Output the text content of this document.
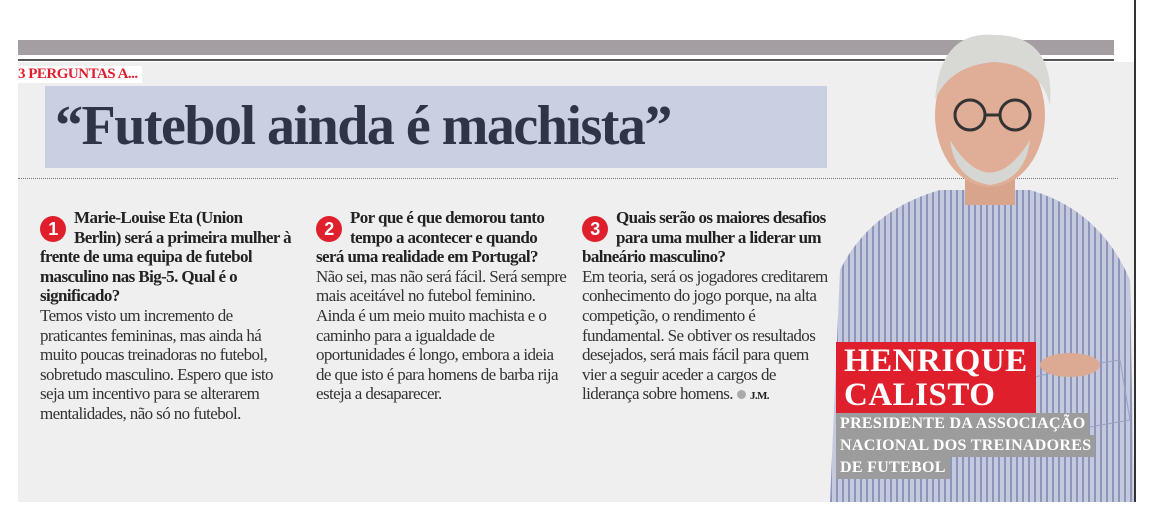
3 PERGUNTAS A...
“Futebol ainda é machista”
1
Marie-Louise Eta (Union Berlin) será a primeira mulher à frente de uma equipa de futebol masculino nas Big-5. Qual é o significado?
Temos visto um incremento de praticantes femininas, mas ainda há muito poucas treinadoras no futebol, sobretudo masculino. Espero que isto seja um incentivo para se alterarem mentalidades, não só no futebol.
2
Por que é que demorou tanto tempo a acontecer e quando será uma realidade em Portugal?
Não sei, mas não será fácil. Será sempre mais aceitável no futebol feminino. Ainda é um meio muito machista e o caminho para a igualdade de oportunidades é longo, embora a ideia de que isto é para homens de barba rija esteja a desaparecer.
3
Quais serão os maiores desafios para uma mulher a liderar um balneário masculino?
Em teoria, será os jogadores creditarem conhecimento do jogo porque, na alta competição, o rendimento é fundamental. Se obtiver os resultados desejados, será mais fácil para quem vier a seguir aceder a cargos de liderança sobre homens. J.M.
HENRIQUE
CALISTO
PRESIDENTE DA ASSOCIAÇÃO
NACIONAL DOS TREINADORES
DE FUTEBOL
